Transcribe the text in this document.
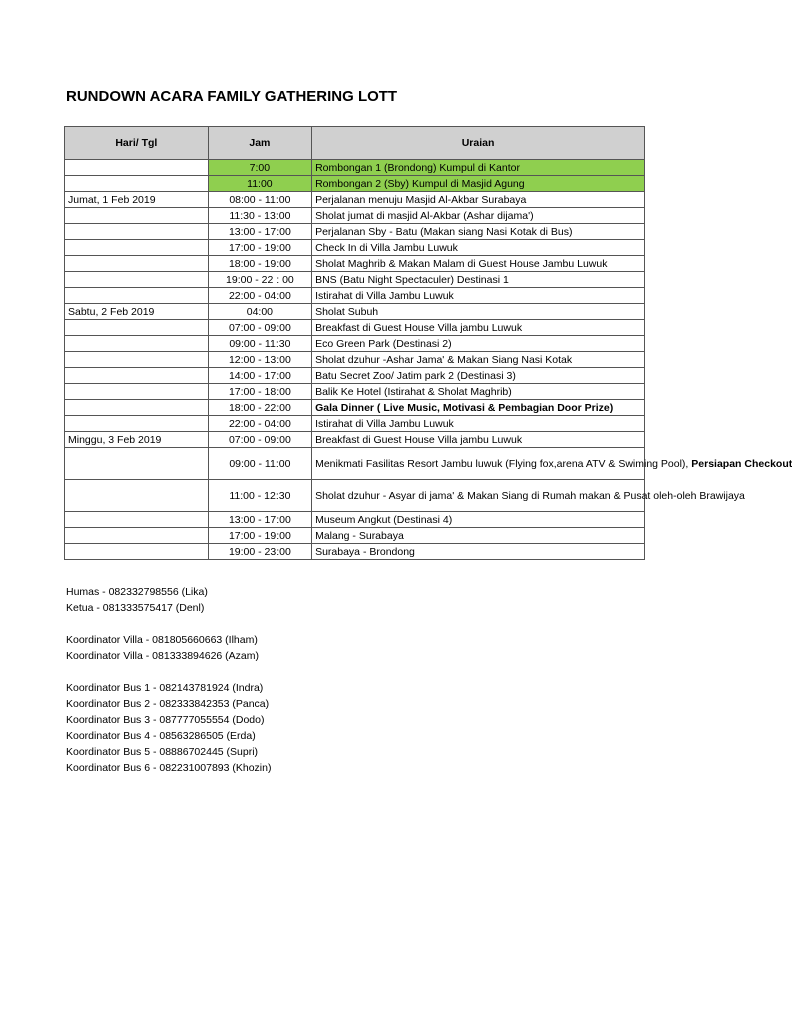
RUNDOWN ACARA FAMILY GATHERING LOTT
Hari/ Tgl	Jam	Uraian
	7:00	Rombongan 1 (Brondong) Kumpul di Kantor
	11:00	Rombongan 2 (Sby) Kumpul di Masjid Agung
Jumat, 1 Feb 2019	08:00 - 11:00	Perjalanan menuju Masjid Al-Akbar Surabaya
	11:30 - 13:00	Sholat jumat di masjid Al-Akbar (Ashar dijama')
	13:00 - 17:00	Perjalanan Sby - Batu (Makan siang Nasi Kotak di Bus)
	17:00 - 19:00	Check In di Villa Jambu Luwuk
	18:00 - 19:00	Sholat Maghrib & Makan Malam di Guest House Jambu Luwuk
	19:00 - 22 : 00	BNS (Batu Night Spectaculer) Destinasi 1
	22:00 - 04:00	Istirahat di Villa Jambu Luwuk
Sabtu, 2 Feb 2019	04:00	Sholat Subuh
	07:00 - 09:00	Breakfast di Guest House Villa jambu Luwuk
	09:00 - 11:30	Eco Green Park (Destinasi 2)
	12:00 - 13:00	Sholat dzuhur -Ashar Jama' & Makan Siang Nasi Kotak
	14:00 - 17:00	Batu Secret Zoo/ Jatim park 2 (Destinasi 3)
	17:00 - 18:00	Balik Ke Hotel (Istirahat & Sholat Maghrib)
	18:00 - 22:00	Gala Dinner ( Live Music, Motivasi & Pembagian Door Prize)
	22:00 - 04:00	Istirahat di Villa Jambu Luwuk
Minggu, 3 Feb 2019	07:00 - 09:00	Breakfast di Guest House Villa jambu Luwuk
	09:00 - 11:00	Menikmati Fasilitas Resort Jambu luwuk (Flying fox,arena ATV & Swiming Pool), Persiapan Checkout
	11:00 - 12:30	Sholat dzuhur - Asyar di jama' & Makan Siang di Rumah makan & Pusat oleh-oleh Brawijaya
	13:00 - 17:00	Museum Angkut (Destinasi 4)
	17:00 - 19:00	Malang - Surabaya
	19:00 - 23:00	Surabaya - Brondong
Humas - 082332798556 (Lika)
Ketua - 081333575417 (Denl)
Koordinator Villa - 081805660663 (Ilham)
Koordinator Villa - 081333894626 (Azam)
Koordinator Bus 1 - 082143781924 (Indra)
Koordinator Bus 2 - 082333842353 (Panca)
Koordinator Bus 3 - 087777055554 (Dodo)
Koordinator Bus 4 - 08563286505 (Erda)
Koordinator Bus 5 - 08886702445 (Supri)
Koordinator Bus 6 - 082231007893 (Khozin)
